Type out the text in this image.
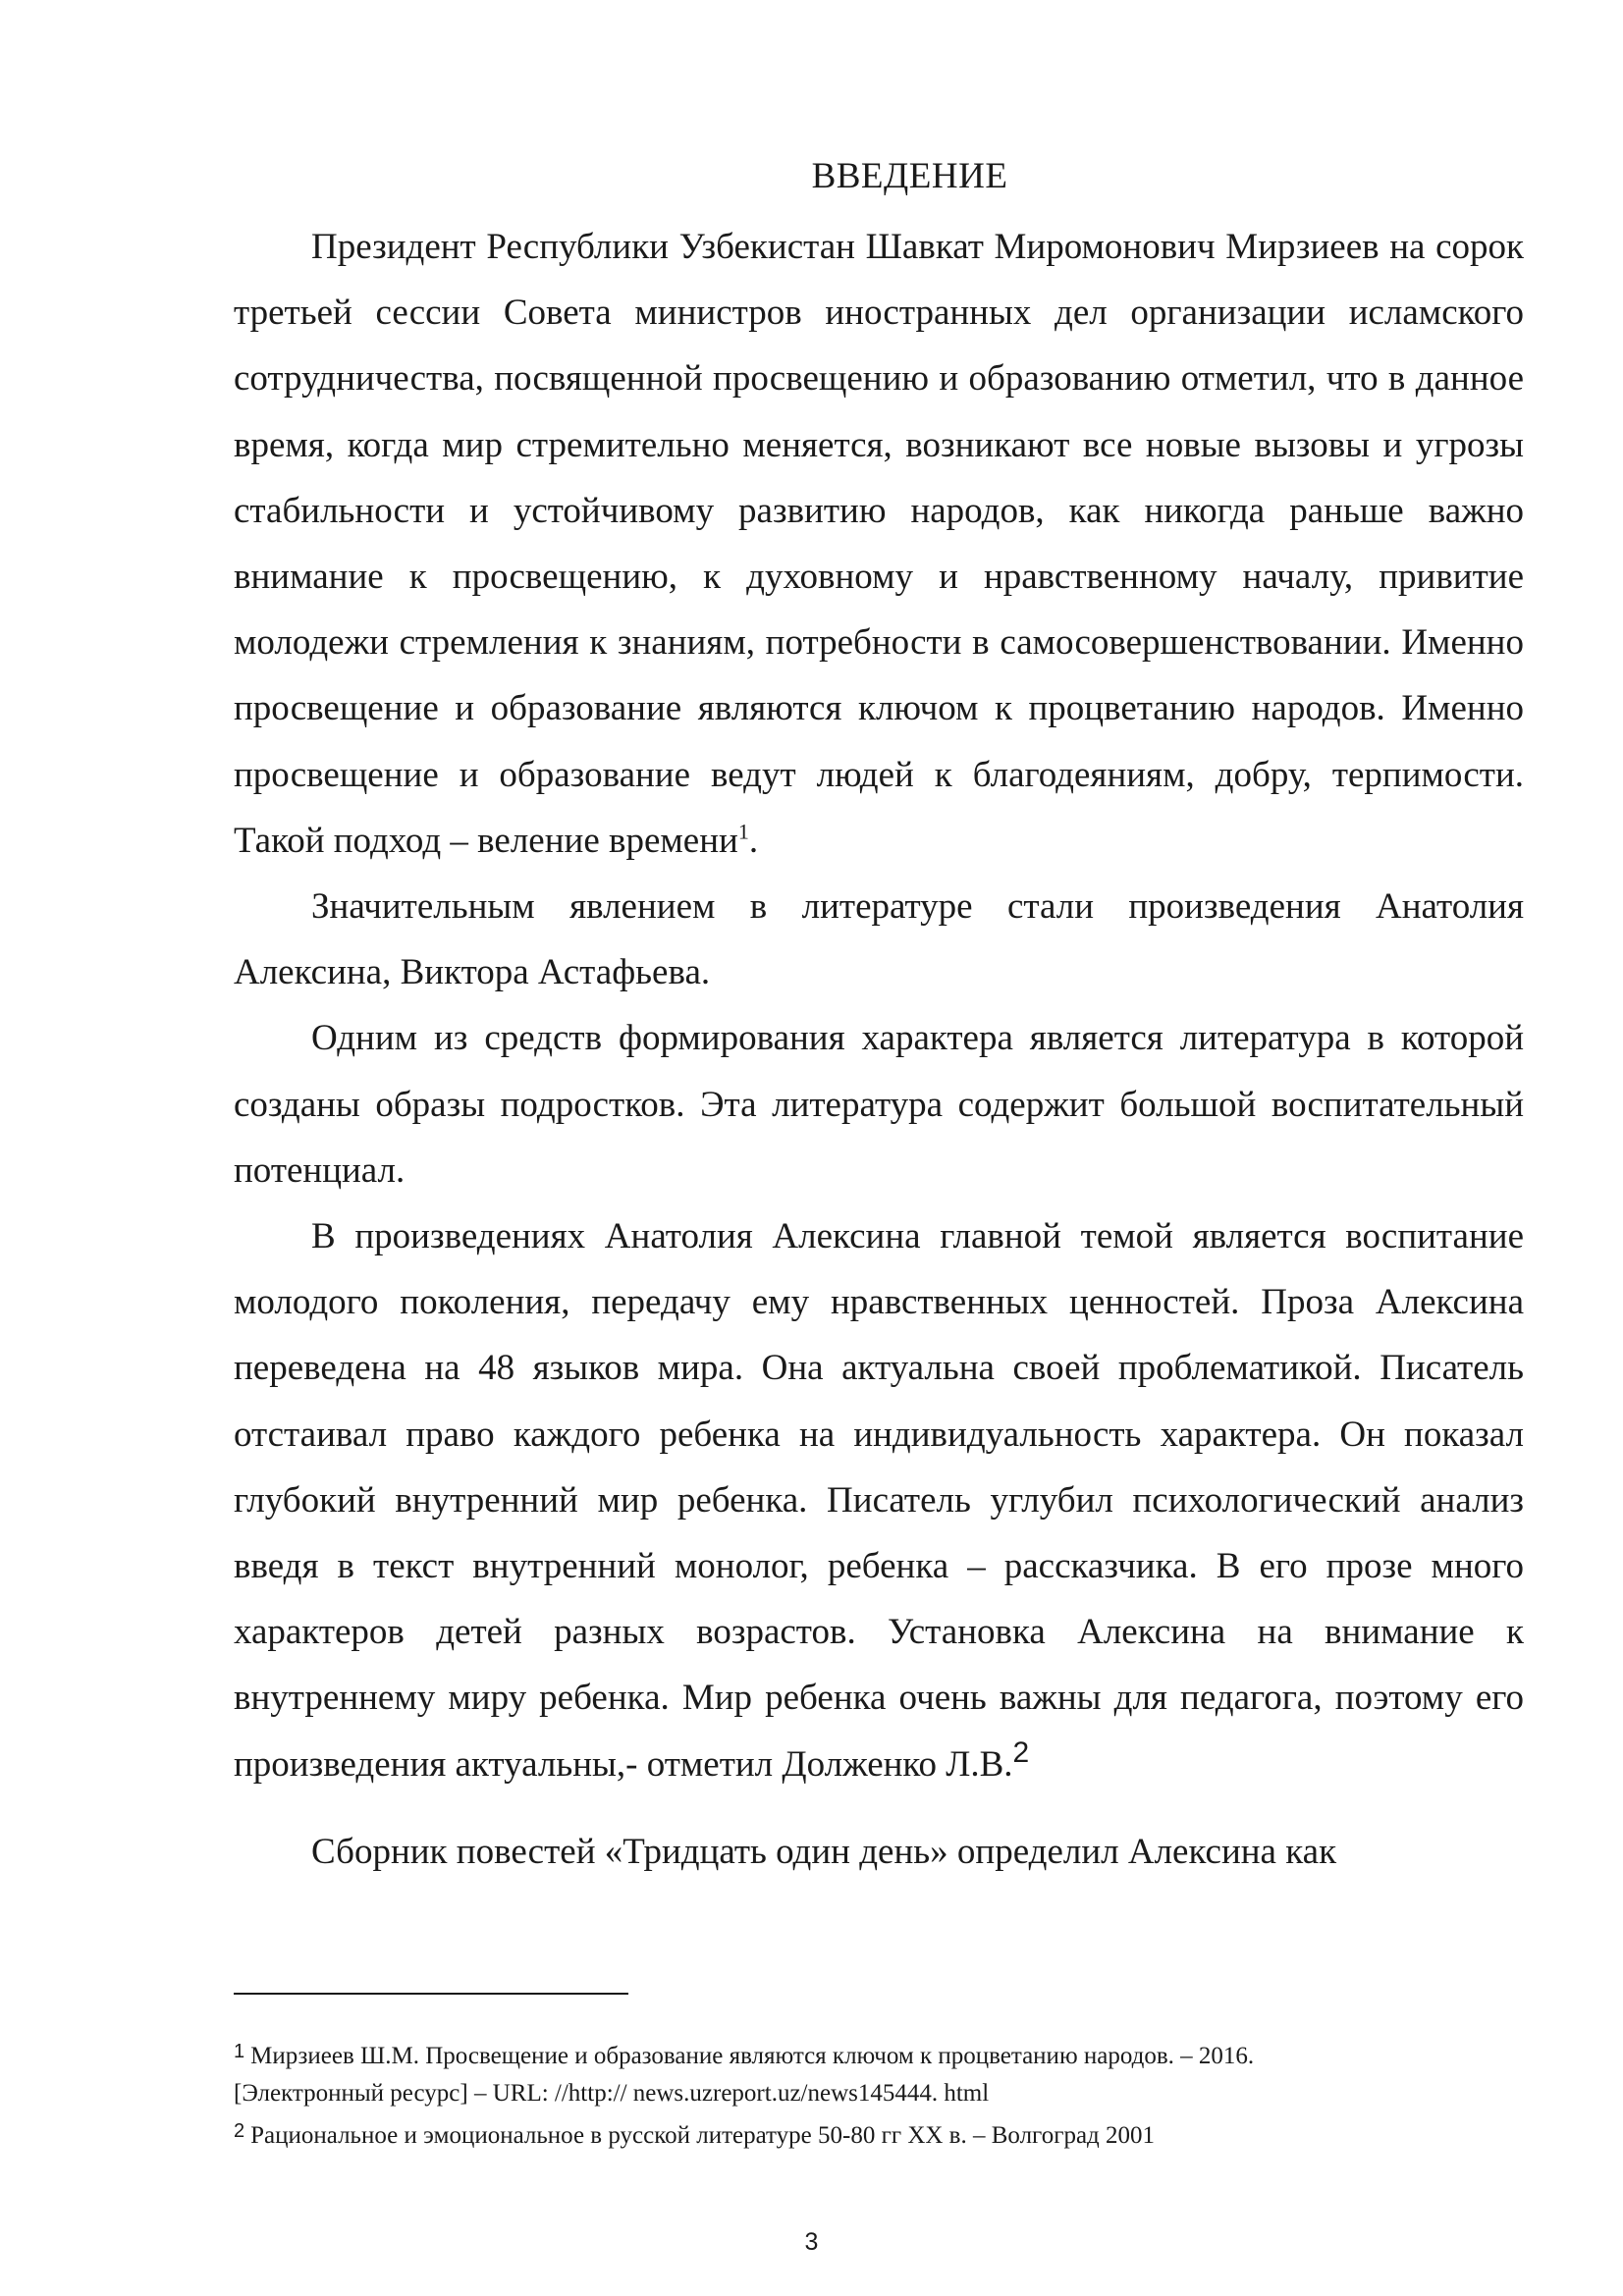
ВВЕДЕНИЕ

Президент Республики Узбекистан Шавкат Миромонович Мирзиеев на сорок третьей сессии Совета министров иностранных дел организации исламского сотрудничества, посвященной просвещению и образованию отметил, что в данное время, когда мир стремительно меняется, возникают все новые вызовы и угрозы стабильности и устойчивому развитию народов, как никогда раньше важно внимание к просвещению, к духовному и нравственному началу, привитие молодежи стремления к знаниям, потребности в самосовершенствовании. Именно просвещение и образование являются ключом к процветанию народов. Именно просвещение и образование ведут людей к благодеяниям, добру, терпимости. Такой подход – веление времени$^1$.

Значительным явлением в литературе стали произведения Анатолия Алексина, Виктора Астафьева.

Одним из средств формирования характера является литература в которой созданы образы подростков. Эта литература содержит большой воспитательный потенциал.

В произведениях Анатолия Алексина главной темой является воспитание молодого поколения, передачу ему нравственных ценностей. Проза Алексина переведена на 48 языков мира. Она актуальна своей проблематикой. Писатель отстаивал право каждого ребенка на индивидуальность характера. Он показал глубокий внутренний мир ребенка. Писатель углубил психологический анализ введя в текст внутренний монолог, ребенка – рассказчика. В его прозе много характеров детей разных возрастов. Установка Алексина на внимание к внутреннему миру ребенка. Мир ребенка очень важны для педагога, поэтому его произведения актуальны,- отметил Долженко Л.В.$^2$

Сборник повестей «Тридцать один день» определил Алексина как

$^1$ Мирзиеев Ш.М. Просвещение и образование являются ключом к процветанию народов. – 2016.

[Электронный ресурс] – URL: //http:// news.uzreport.uz/news145444. html

$^2$ Рациональное и эмоциональное в русской литературе 50-80 гг XX в. – Волгоград 2001

3
